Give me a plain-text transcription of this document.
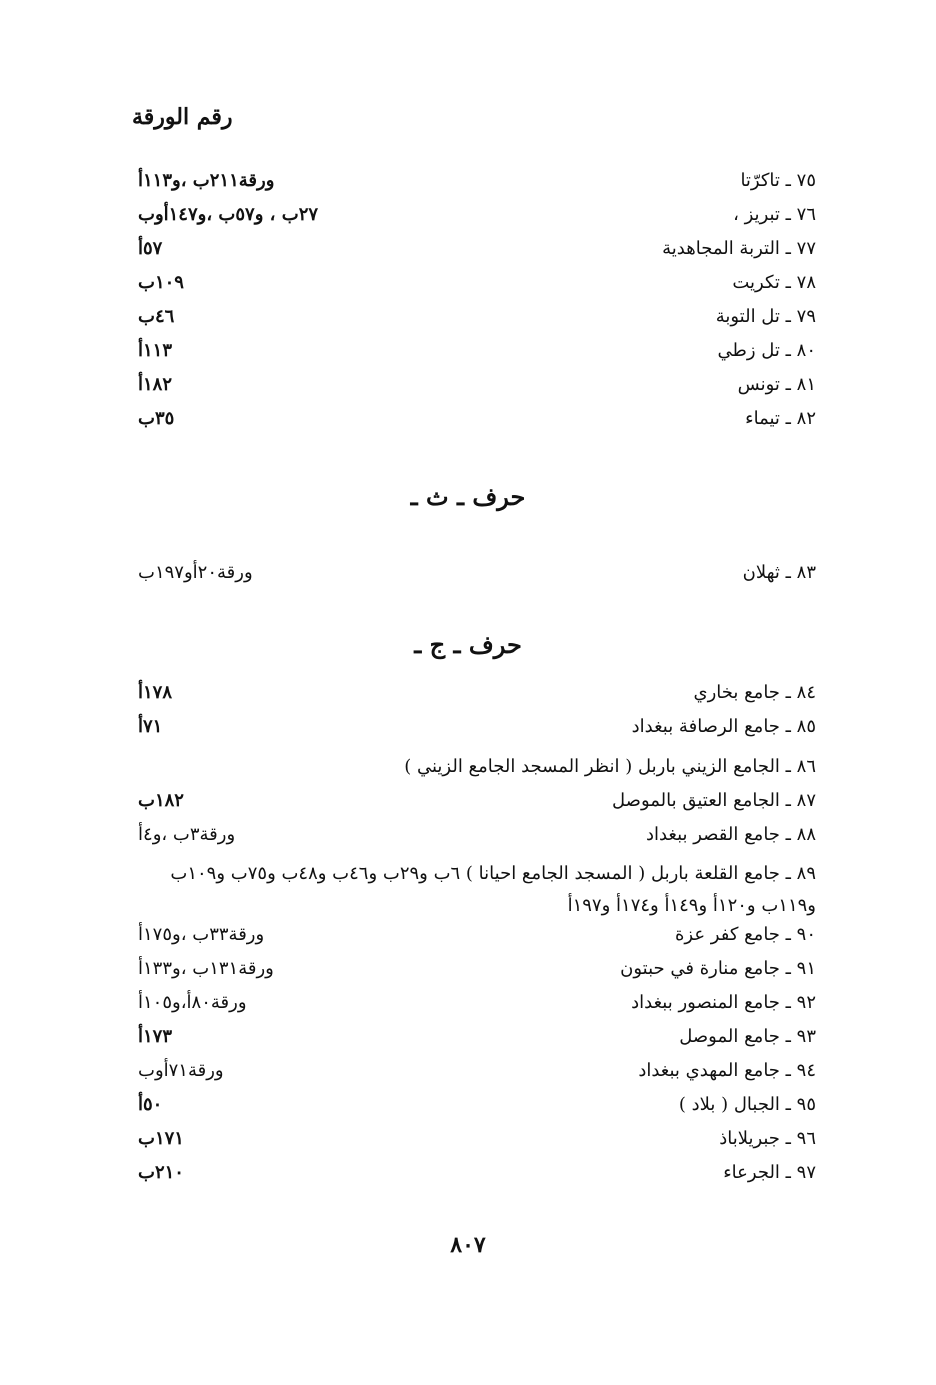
رقم الورقة
٧٥ ـ تاكرّتا
ورقة٢١١ب ،و١١٣أ
٧٦ ـ تبريز ،
٢٧ب ، و٥٧ب ،و١٤٧أوب
٧٧ ـ التربة المجاهدية
٥٧أ
٧٨ ـ تكريت
١٠٩ب
٧٩ ـ تل التوبة
٤٦ب
٨٠ ـ تل زطي
١١٣أ
٨١ ـ تونس
١٨٢أ
٨٢ ـ تيماء
٣٥ب
حرف ـ ث ـ
٨٣ ـ ثهلان
ورقة٢٠أو١٩٧ب
حرف ـ ج ـ
٨٤ ـ جامع بخاري
١٧٨أ
٨٥ ـ جامع الرصافة ببغداد
٧١أ
٨٦ ـ الجامع الزيني باربل ( انظر المسجد الجامع الزيني )
٨٧ ـ الجامع العتيق بالموصل
١٨٢ب
٨٨ ـ جامع القصر ببغداد
ورقة٣ب ،و٤أ
٨٩ ـ جامع القلعة باربل ( المسجد الجامع احيانا ) ٦ب و٢٩ب و٤٦ب و٤٨ب و٧٥ب و١٠٩ب و١١٩ب و١٢٠أ و١٤٩أ و١٧٤أ و١٩٧أ
٩٠ ـ جامع كفر عزة
ورقة٣٣ب ،و١٧٥أ
٩١ ـ جامع منارة في حبتون
ورقة١٣١ب ،و١٣٣أ
٩٢ ـ جامع المنصور ببغداد
ورقة٨٠أ،و١٠٥أ
٩٣ ـ جامع الموصل
١٧٣أ
٩٤ ـ جامع المهدي ببغداد
ورقة٧١أوب
٩٥ ـ الجبال ( بلاد )
٥٠أ
٩٦ ـ جبريلاباذ
١٧١ب
٩٧ ـ الجرعاء
٢١٠ب
٨٠٧
